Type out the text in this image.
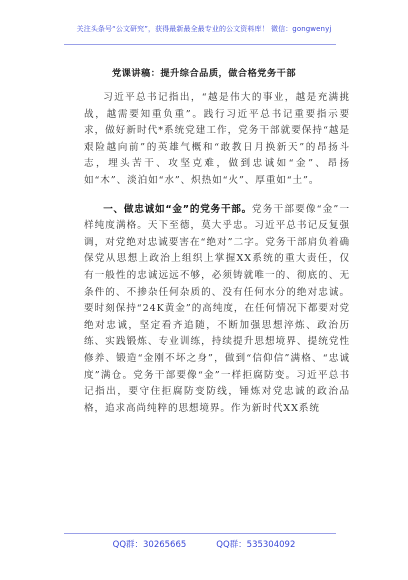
关注头条号“公文研究”，获得最新最全最专业的公文资料库！ 微信：gongwenyj
党课讲稿：提升综合品质，做合格党务干部

习近平总书记指出，“越是伟大的事业，越是充满挑战，越需要知重负重”。践行习近平总书记重要指示要求，做好新时代*系统党建工作，党务干部就要保持“越是艰险越向前”的英雄气概和“敢教日月换新天”的昂扬斗志，埋头苦干、攻坚克难，做到忠诚如“金”、昂扬如“木”、淡泊如“水”、炽热如“火”、厚重如“土”。

一、做忠诚如“金”的党务干部。党务干部要像“金”一样纯度满格。天下至德，莫大乎忠。习近平总书记反复强调，对党绝对忠诚要害在“绝对”二字。党务干部肩负着确保党从思想上政治上组织上掌握XX系统的重大责任，仅有一般性的忠诚远远不够，必须铸就唯一的、彻底的、无条件的、不掺杂任何杂质的、没有任何水分的绝对忠诚。要时刻保持“24K黄金”的高纯度，在任何情况下都要对党绝对忠诚，坚定看齐追随，不断加强思想淬炼、政治历练、实践锻炼、专业训练，持续提升思想境界、提统党性修养、锻造“金刚不坏之身”，做到“信仰信”满格、“忠诚度”满仓。党务干部要像“金”一样拒腐防变。习近平总书记指出，要守住拒腐防变防线，锤炼对党忠诚的政治品格，追求高尚纯粹的思想境界。作为新时代XX系统

QQ群：30265665	QQ群：535304092
